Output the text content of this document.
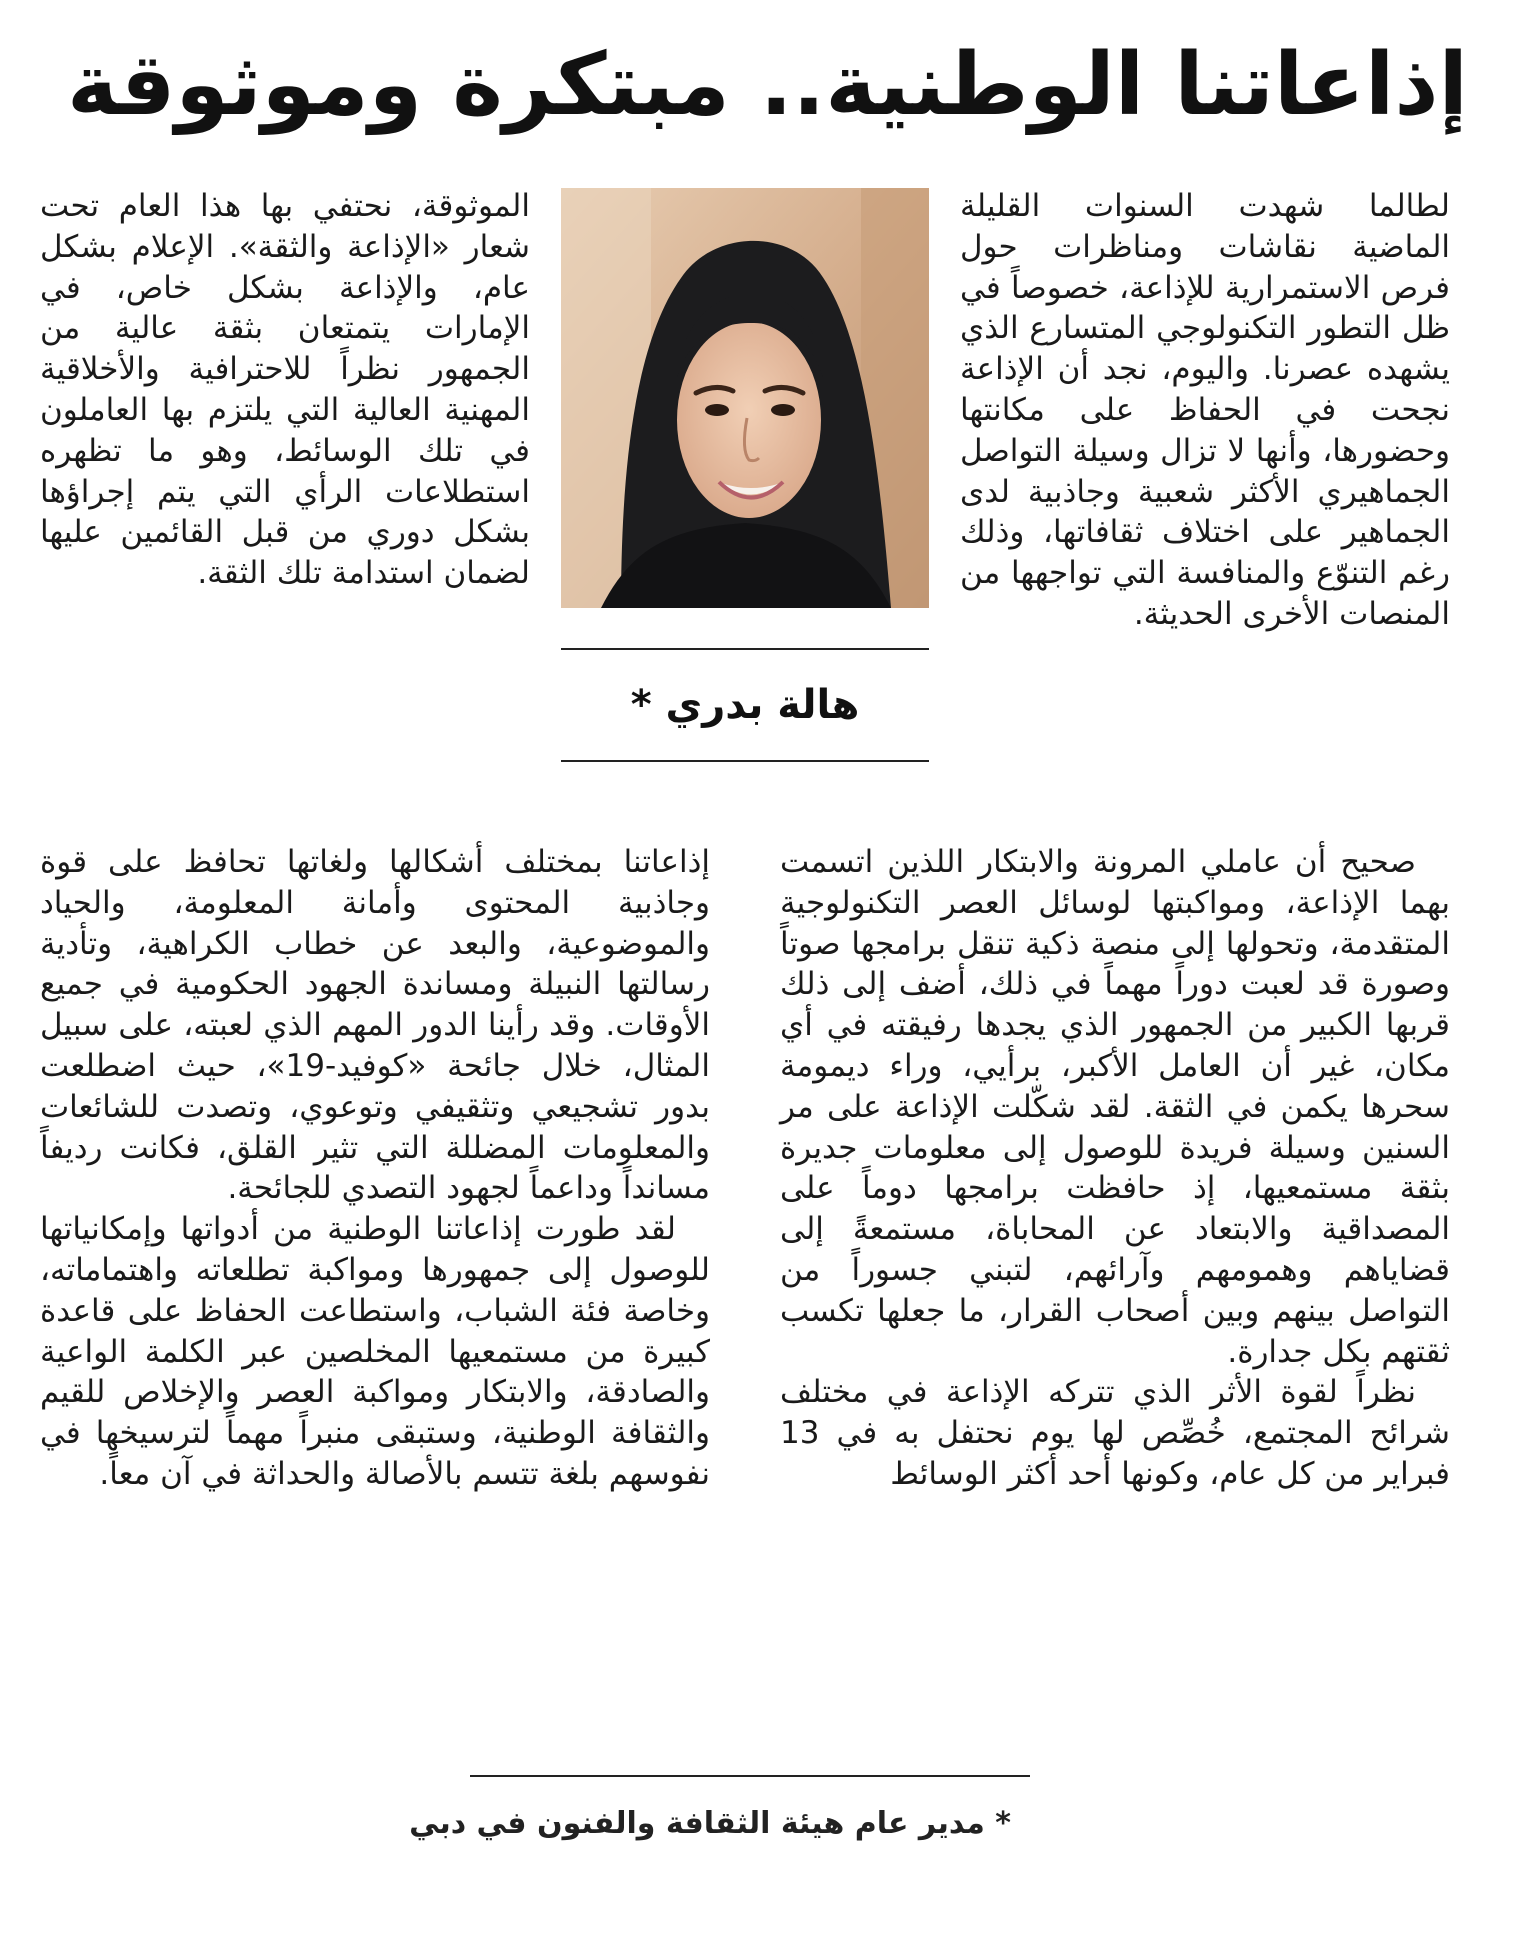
إذاعاتنا الوطنية.. مبتكرة وموثوقة

لطالما شهدت السنوات القليلة الماضية نقاشات ومناظرات حول فرص الاستمرارية للإذاعة، خصوصاً في ظل التطور التكنولوجي المتسارع الذي يشهده عصرنا. واليوم، نجد أن الإذاعة نجحت في الحفاظ على مكانتها وحضورها، وأنها لا تزال وسيلة التواصل الجماهيري الأكثر شعبية وجاذبية لدى الجماهير على اختلاف ثقافاتها، وذلك رغم التنوّع والمنافسة التي تواجهها من المنصات الأخرى الحديثة.

هالة بدري *

الموثوقة، نحتفي بها هذا العام تحت شعار «الإذاعة والثقة». الإعلام بشكل عام، والإذاعة بشكل خاص، في الإمارات يتمتعان بثقة عالية من الجمهور نظراً للاحترافية والأخلاقية المهنية العالية التي يلتزم بها العاملون في تلك الوسائط، وهو ما تظهره استطلاعات الرأي التي يتم إجراؤها بشكل دوري من قبل القائمين عليها لضمان استدامة تلك الثقة.

صحيح أن عاملي المرونة والابتكار اللذين اتسمت بهما الإذاعة، ومواكبتها لوسائل العصر التكنولوجية المتقدمة، وتحولها إلى منصة ذكية تنقل برامجها صوتاً وصورة قد لعبت دوراً مهماً في ذلك، أضف إلى ذلك قربها الكبير من الجمهور الذي يجدها رفيقته في أي مكان، غير أن العامل الأكبر، برأيي، وراء ديمومة سحرها يكمن في الثقة. لقد شكّلت الإذاعة على مر السنين وسيلة فريدة للوصول إلى معلومات جديرة بثقة مستمعيها، إذ حافظت برامجها دوماً على المصداقية والابتعاد عن المحاباة، مستمعةً إلى قضاياهم وهمومهم وآرائهم، لتبني جسوراً من التواصل بينهم وبين أصحاب القرار، ما جعلها تكسب ثقتهم بكل جدارة.

نظراً لقوة الأثر الذي تتركه الإذاعة في مختلف شرائح المجتمع، خُصِّص لها يوم نحتفل به في 13 فبراير من كل عام، وكونها أحد أكثر الوسائط

إذاعاتنا بمختلف أشكالها ولغاتها تحافظ على قوة وجاذبية المحتوى وأمانة المعلومة، والحياد والموضوعية، والبعد عن خطاب الكراهية، وتأدية رسالتها النبيلة ومساندة الجهود الحكومية في جميع الأوقات. وقد رأينا الدور المهم الذي لعبته، على سبيل المثال، خلال جائحة «كوفيد-19»، حيث اضطلعت بدور تشجيعي وتثقيفي وتوعوي، وتصدت للشائعات والمعلومات المضللة التي تثير القلق، فكانت رديفاً مسانداً وداعماً لجهود التصدي للجائحة.

لقد طورت إذاعاتنا الوطنية من أدواتها وإمكانياتها للوصول إلى جمهورها ومواكبة تطلعاته واهتماماته، وخاصة فئة الشباب، واستطاعت الحفاظ على قاعدة كبيرة من مستمعيها المخلصين عبر الكلمة الواعية والصادقة، والابتكار ومواكبة العصر والإخلاص للقيم والثقافة الوطنية، وستبقى منبراً مهماً لترسيخها في نفوسهم بلغة تتسم بالأصالة والحداثة في آن معاً.

* مدير عام هيئة الثقافة والفنون في دبي
